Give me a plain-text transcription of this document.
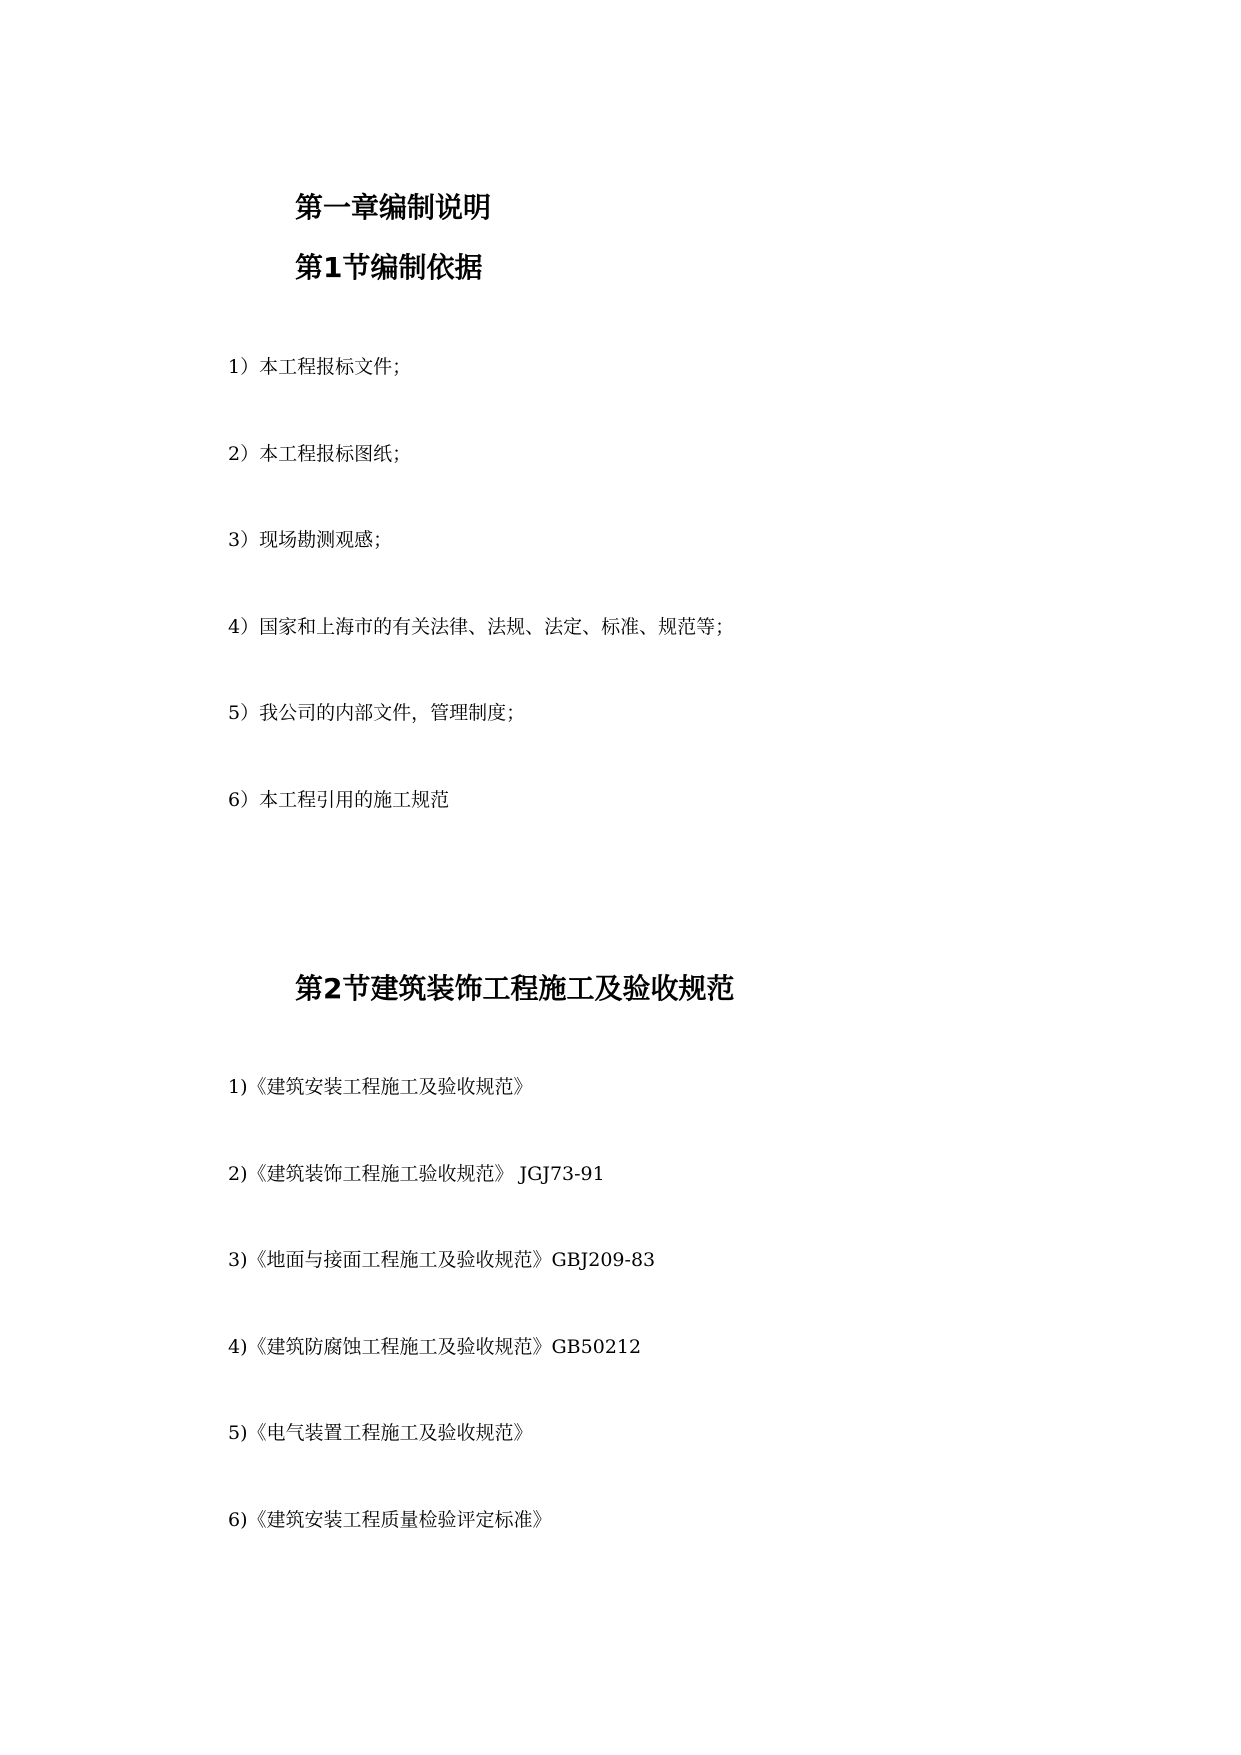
第一章编制说明
第1节编制依据
1）本工程报标文件；
2）本工程报标图纸；
3）现场勘测观感；
4）国家和上海市的有关法律、法规、法定、标准、规范等；
5）我公司的内部文件，管理制度；
6）本工程引用的施工规范
第2节建筑装饰工程施工及验收规范
1)《建筑安装工程施工及验收规范》
2)《建筑装饰工程施工验收规范》 JGJ73-91
3)《地面与接面工程施工及验收规范》GBJ209-83
4)《建筑防腐蚀工程施工及验收规范》GB50212
5)《电气装置工程施工及验收规范》
6)《建筑安装工程质量检验评定标准》
